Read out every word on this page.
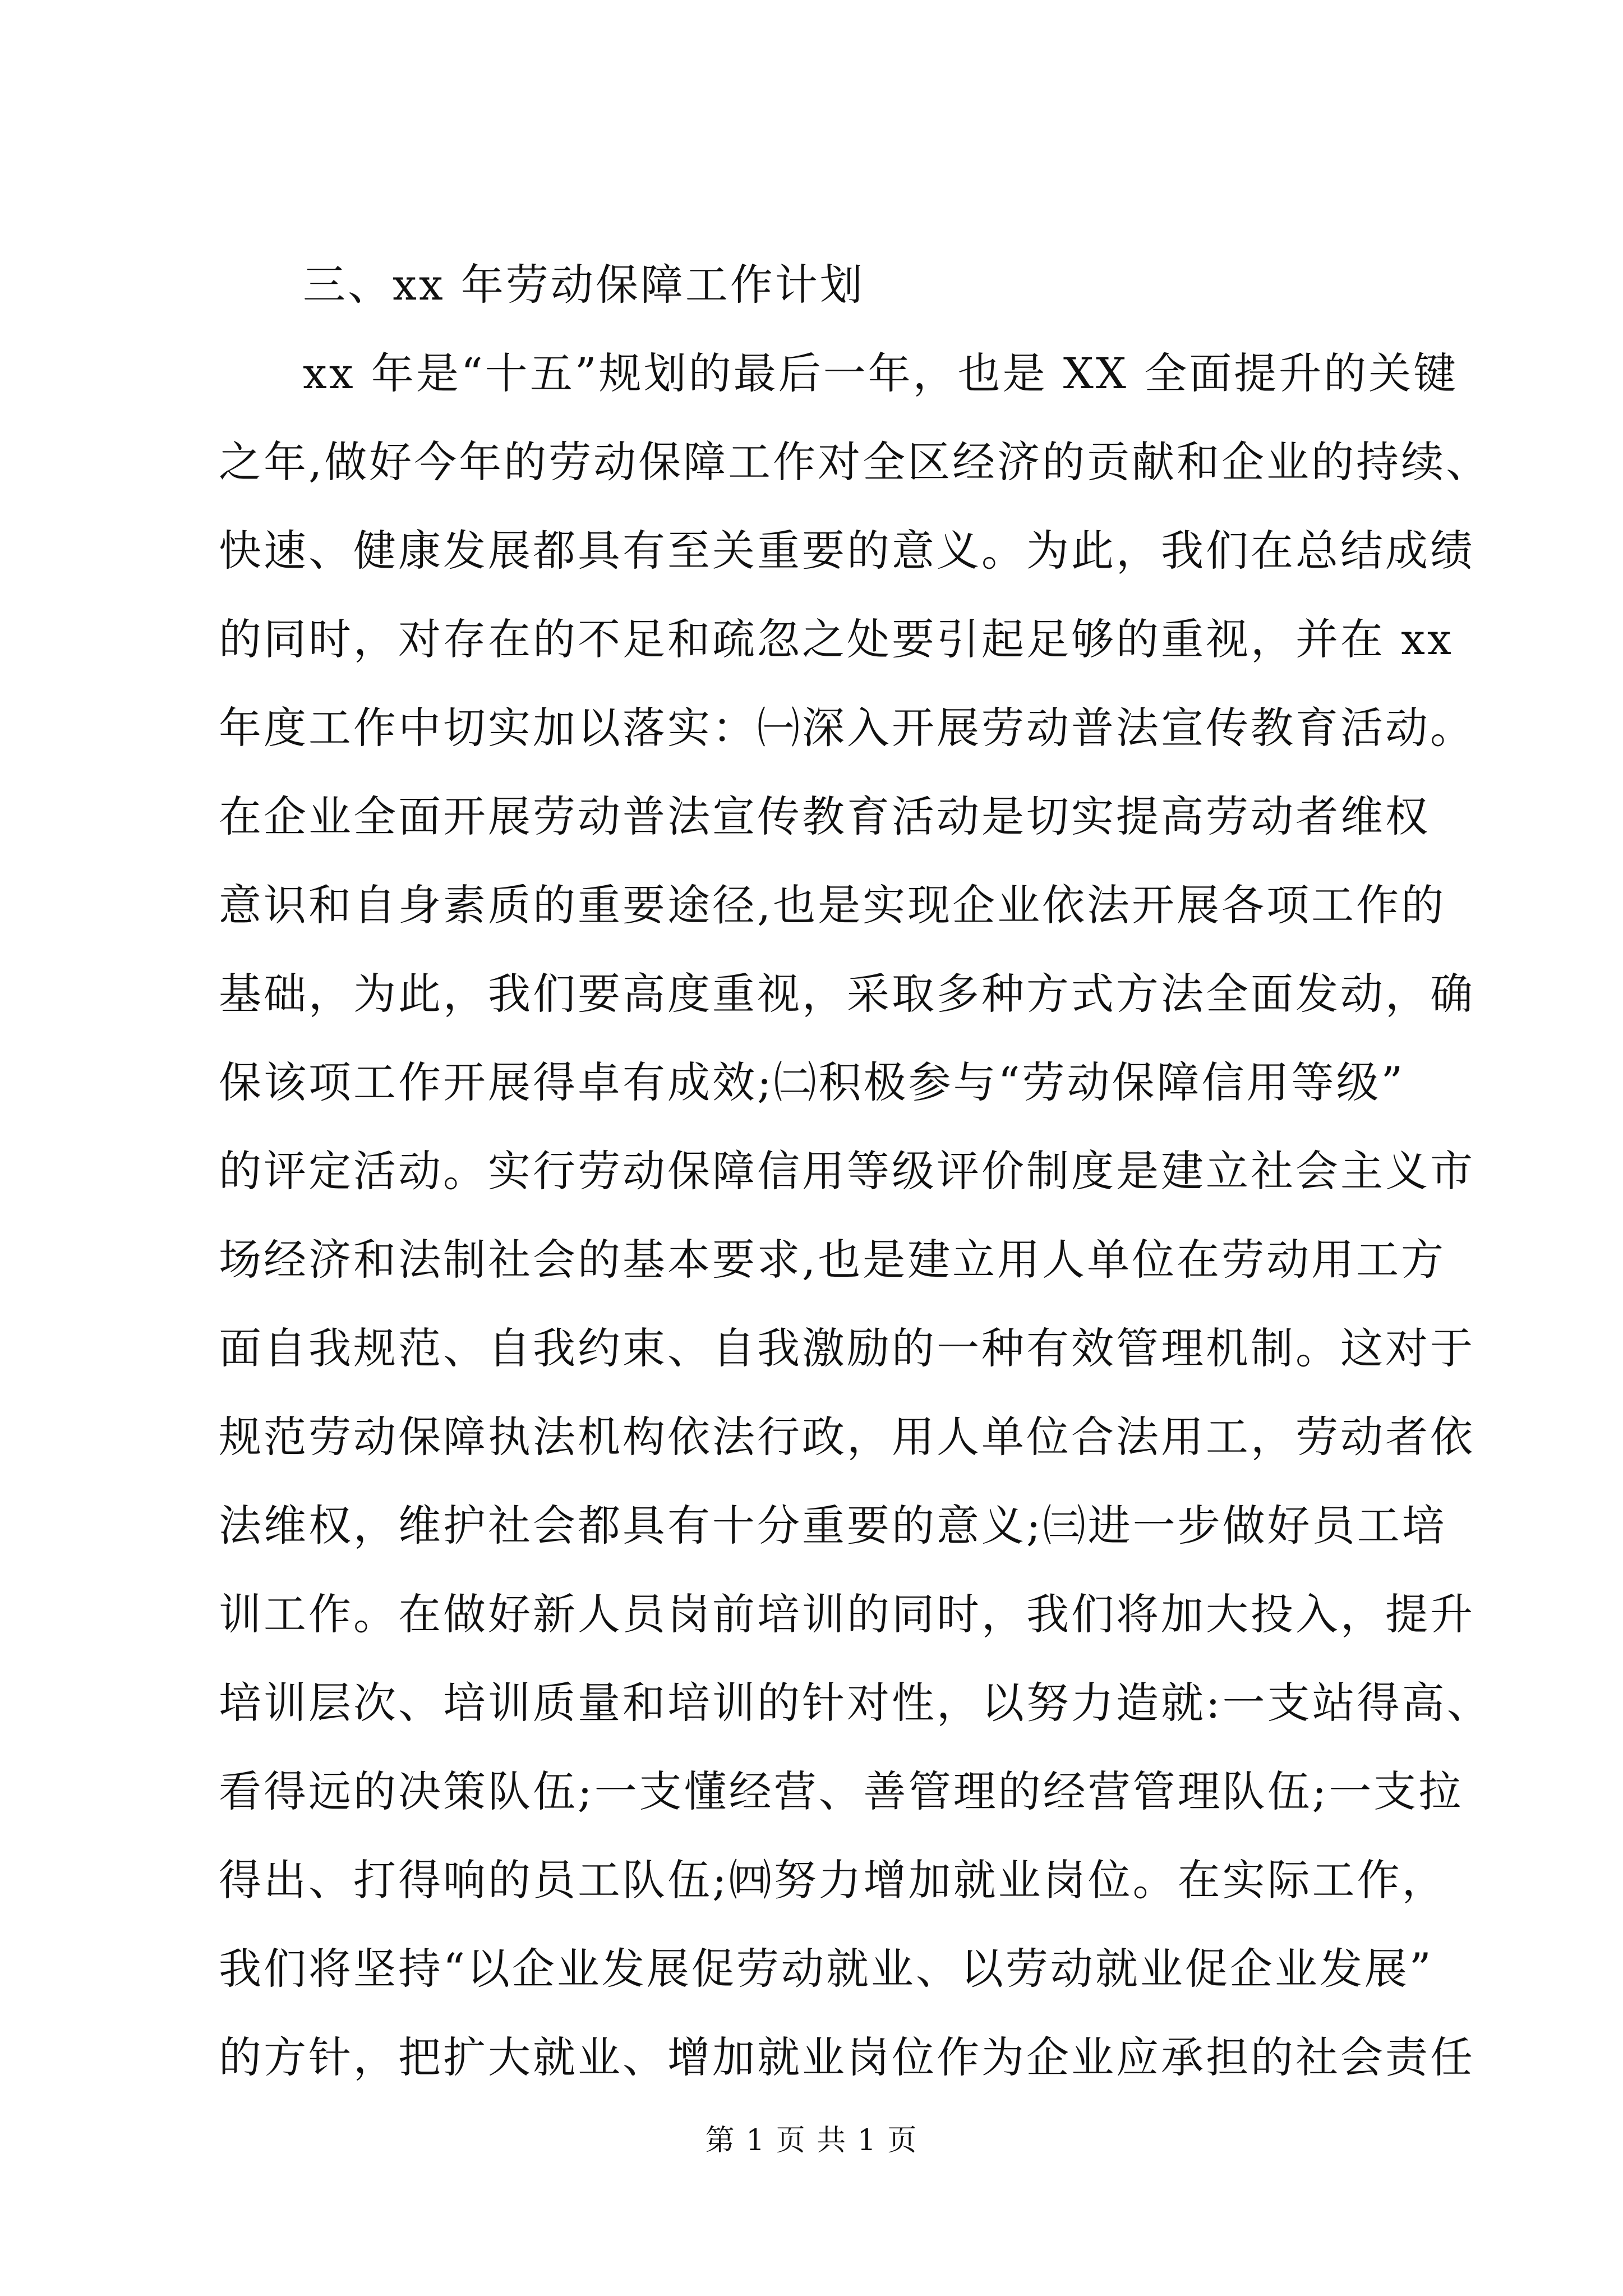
三、xx 年劳动保障工作计划
xx 年是“十五”规划的最后一年，也是 XX 全面提升的关键
之年,做好今年的劳动保障工作对全区经济的贡献和企业的持续、
快速、健康发展都具有至关重要的意义。为此，我们在总结成绩
的同时，对存在的不足和疏忽之处要引起足够的重视，并在 xx
年度工作中切实加以落实：㈠深入开展劳动普法宣传教育活动。
在企业全面开展劳动普法宣传教育活动是切实提高劳动者维权
意识和自身素质的重要途径,也是实现企业依法开展各项工作的
基础，为此，我们要高度重视，采取多种方式方法全面发动，确
保该项工作开展得卓有成效;㈡积极参与“劳动保障信用等级”
的评定活动。实行劳动保障信用等级评价制度是建立社会主义市
场经济和法制社会的基本要求,也是建立用人单位在劳动用工方
面自我规范、自我约束、自我激励的一种有效管理机制。这对于
规范劳动保障执法机构依法行政，用人单位合法用工，劳动者依
法维权，维护社会都具有十分重要的意义;㈢进一步做好员工培
训工作。在做好新人员岗前培训的同时，我们将加大投入，提升
培训层次、培训质量和培训的针对性，以努力造就:一支站得高、
看得远的决策队伍;一支懂经营、善管理的经营管理队伍;一支拉
得出、打得响的员工队伍;㈣努力增加就业岗位。在实际工作，
我们将坚持“以企业发展促劳动就业、以劳动就业促企业发展”
的方针，把扩大就业、增加就业岗位作为企业应承担的社会责任
第 1 页 共 1 页
